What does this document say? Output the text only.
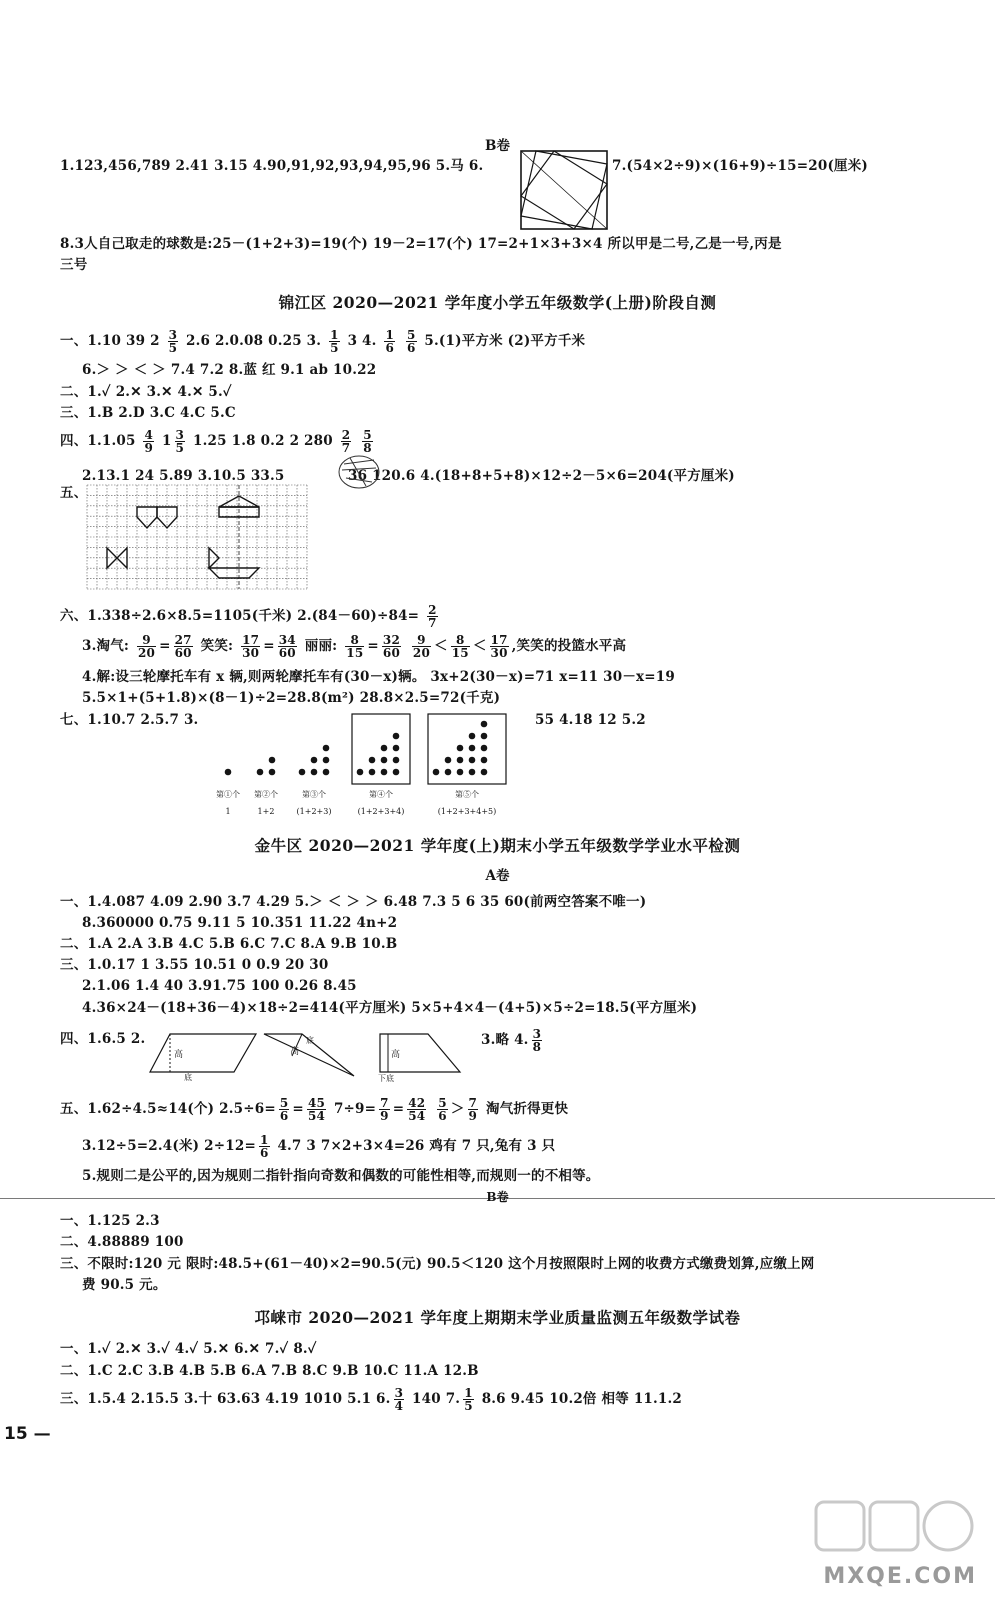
B卷
1.123,456,789 2.41 3.15 4.90,91,92,93,94,95,96 5.马 6.	7.(54×2÷9)×(16+9)÷15=20(厘米)
8.3人自己取走的球数是:25－(1+2+3)=19(个) 19－2=17(个) 17=2+1×3+3×4 所以甲是二号,乙是一号,丙是
三号
锦江区 2020—2021 学年度小学五年级数学(上册)阶段自测
一、1.10 39 $2 \frac{3}{5} 2.6$ 2.0.08 0.25 3. $\frac{1}{5} 3$ 4. $\frac{1}{6}$
$\frac{5}{6} 5.(1)$平方米 (2)平方千米
6.＞ ＞ ＜ ＞ 7.4 7.2 8.蓝 红 9.1 ab 10.22
二、1.✓ 2.✕ 3.✕ 4.✕ 5.✓
三、1.B 2.D 3.C 4.C 5.C
四、$1.1.05 \frac{4}{9} 1 \frac{3}{5} 1.25$ 1.8 0.2 2 $280 \frac{2}{7}$
$\frac{5}{8}$
2.13.1 24 5.89 3.10.5 33.5	36 120.6 4.(18+8+5+8)×12÷2－5×6=204(平方厘米)
五、
六、1.338÷2.6×8.5=1105(千米) $2.(84-60)\div 84= \frac{2}{7}$
3.淘气: $\frac{9}{20} = \frac{27}{60}$ 笑笑: $\frac{17}{30} = \frac{34}{60}$ 丽丽: $\frac{8}{15} = \frac{32}{60}$
$\frac{9}{20} < \frac{8}{15} < \frac{17}{30}$ ,笑笑的投篮水平高
4.解:设三轮摩托车有 x 辆,则两轮摩托车有(30－x)辆。 3x+2(30－x)=71 x=11 30－x=19
5.5×1+(5+1.8)×(8－1)÷2=28.8(m²) 28.8×2.5=72(千克)
七、1.10.7 2.5.7 3.	55 4.18 12 5.2
第①个
1
第②个
1+2
第③个
(1+2+3)
第④个
(1+2+3+4)
第⑤个
(1+2+3+4+5)
金牛区 2020—2021 学年度(上)期末小学五年级数学学业水平检测
A卷
一、1.4.087 4.09 2.90 3.7 4.29 5.＞ ＜ ＞ ＞ 6.48 7.3 5 6 35 60(前两空答案不唯一)
8.360000 0.75 9.11 5 10.351 11.22 4n+2
二、1.A 2.A 3.B 4.C 5.B 6.C 7.C 8.A 9.B 10.B
三、1.0.17 1 3.55 10.51 0 0.9 20 30
2.1.06 1.4 40 3.91.75 100 0.26 8.45
4.36×24－(18+36－4)×18÷2=414(平方厘米) 5×5+4×4－(4+5)×5÷2=18.5(平方厘米)
四、1.6.5 2.
高
底
高
底
高
下底
3.略 4. $\frac{3}{8}$
五、1.62÷4.5≈14(个) $2.5\div 6= \frac{5}{6} = \frac{45}{54} 7\div 9= \frac{7}{9} = \frac{42}{54}$
$\frac{5}{6} > \frac{7}{9}$ 淘气折得更快
3.12÷5=2.4(米) $2\div 12= \frac{1}{6} 4.7$ 3 7×2+3×4=26 鸡有 7 只,兔有 3 只
5.规则二是公平的,因为规则二指针指向奇数和偶数的可能性相等,而规则一的不相等。
B卷
一、1.125 2.3
二、4.88889 100
三、不限时:120 元 限时:48.5+(61－40)×2=90.5(元) 90.5＜120 这个月按照限时上网的收费方式缴费划算,应缴上网
费 90.5 元。
邛崃市 2020—2021 学年度上期期末学业质量监测五年级数学试卷
一、1.✓ 2.✕ 3.✓ 4.✓ 5.✕ 6.✕ 7.✓ 8.✓
二、1.C 2.C 3.B 4.B 5.B 6.A 7.B 8.C 9.B 10.C 11.A 12.B
三、1.5.4 2.15.5 3.十 63.63 4.19 1010 5.1 6. $\frac{3}{4} 140$ 7. $\frac{1}{5} 8.6$ 9.45 10.2倍 相等 11.1.2
15 —
MXQE.COM
